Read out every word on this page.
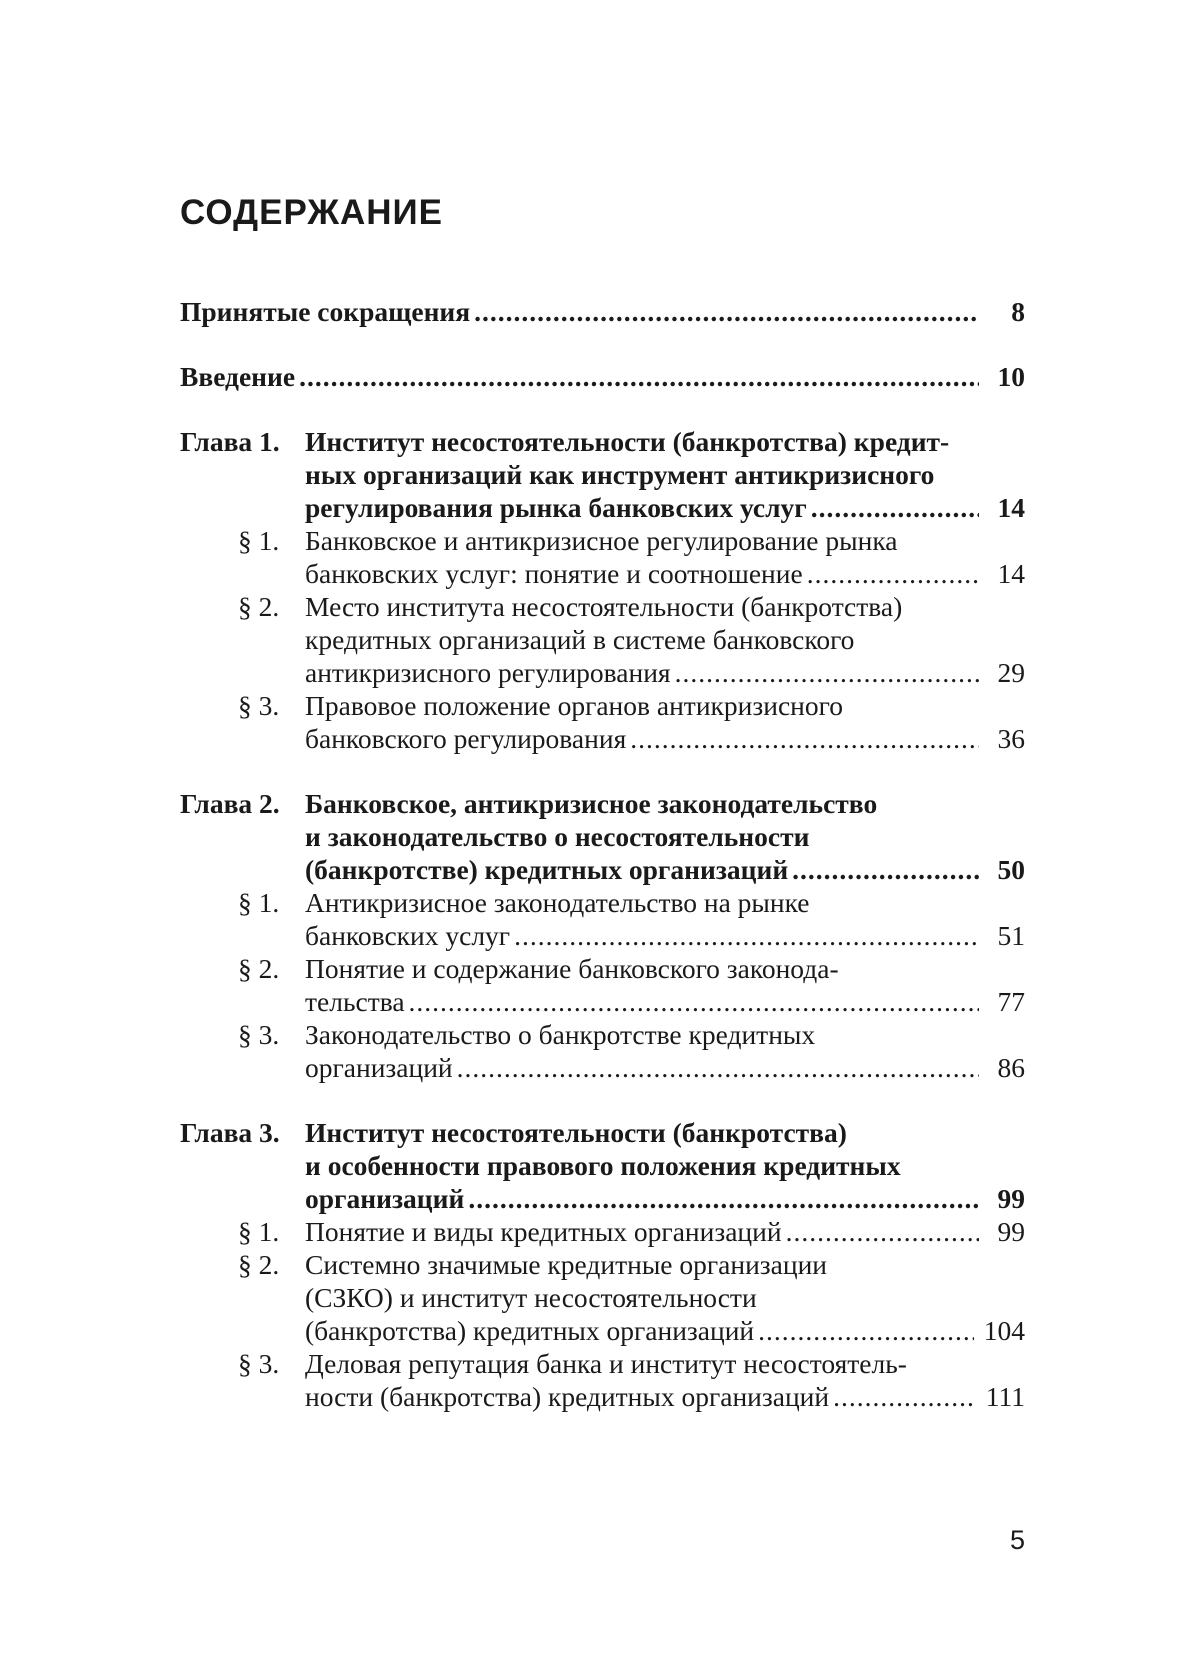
СОДЕРЖАНИЕ
Принятые сокращения .....	8
Введение .....	10
Глава 1. Институт несостоятельности (банкротства) кредит-
ных организаций как инструмент антикризисного
регулирования рынка банковских услуг .....	14
§ 1. Банковское и антикризисное регулирование рынка
банковских услуг: понятие и соотношение .....	14
§ 2. Место института несостоятельности (банкротства)
кредитных организаций в системе банковского
антикризисного регулирования .....	29
§ 3. Правовое положение органов антикризисного
банковского регулирования .....	36
Глава 2. Банковское, антикризисное законодательство
и законодательство о несостоятельности
(банкротстве) кредитных организаций .....	50
§ 1. Антикризисное законодательство на рынке
банковских услуг .....	51
§ 2. Понятие и содержание банковского законода-
тельства .....	77
§ 3. Законодательство о банкротстве кредитных
организаций .....	86
Глава 3. Институт несостоятельности (банкротства)
и особенности правового положения кредитных
организаций .....	99
§ 1. Понятие и виды кредитных организаций .....	99
§ 2. Системно значимые кредитные организации
(СЗКО) и институт несостоятельности
(банкротства) кредитных организаций .....	104
§ 3. Деловая репутация банка и институт несостоятель-
ности (банкротства) кредитных организаций .....	111
5
